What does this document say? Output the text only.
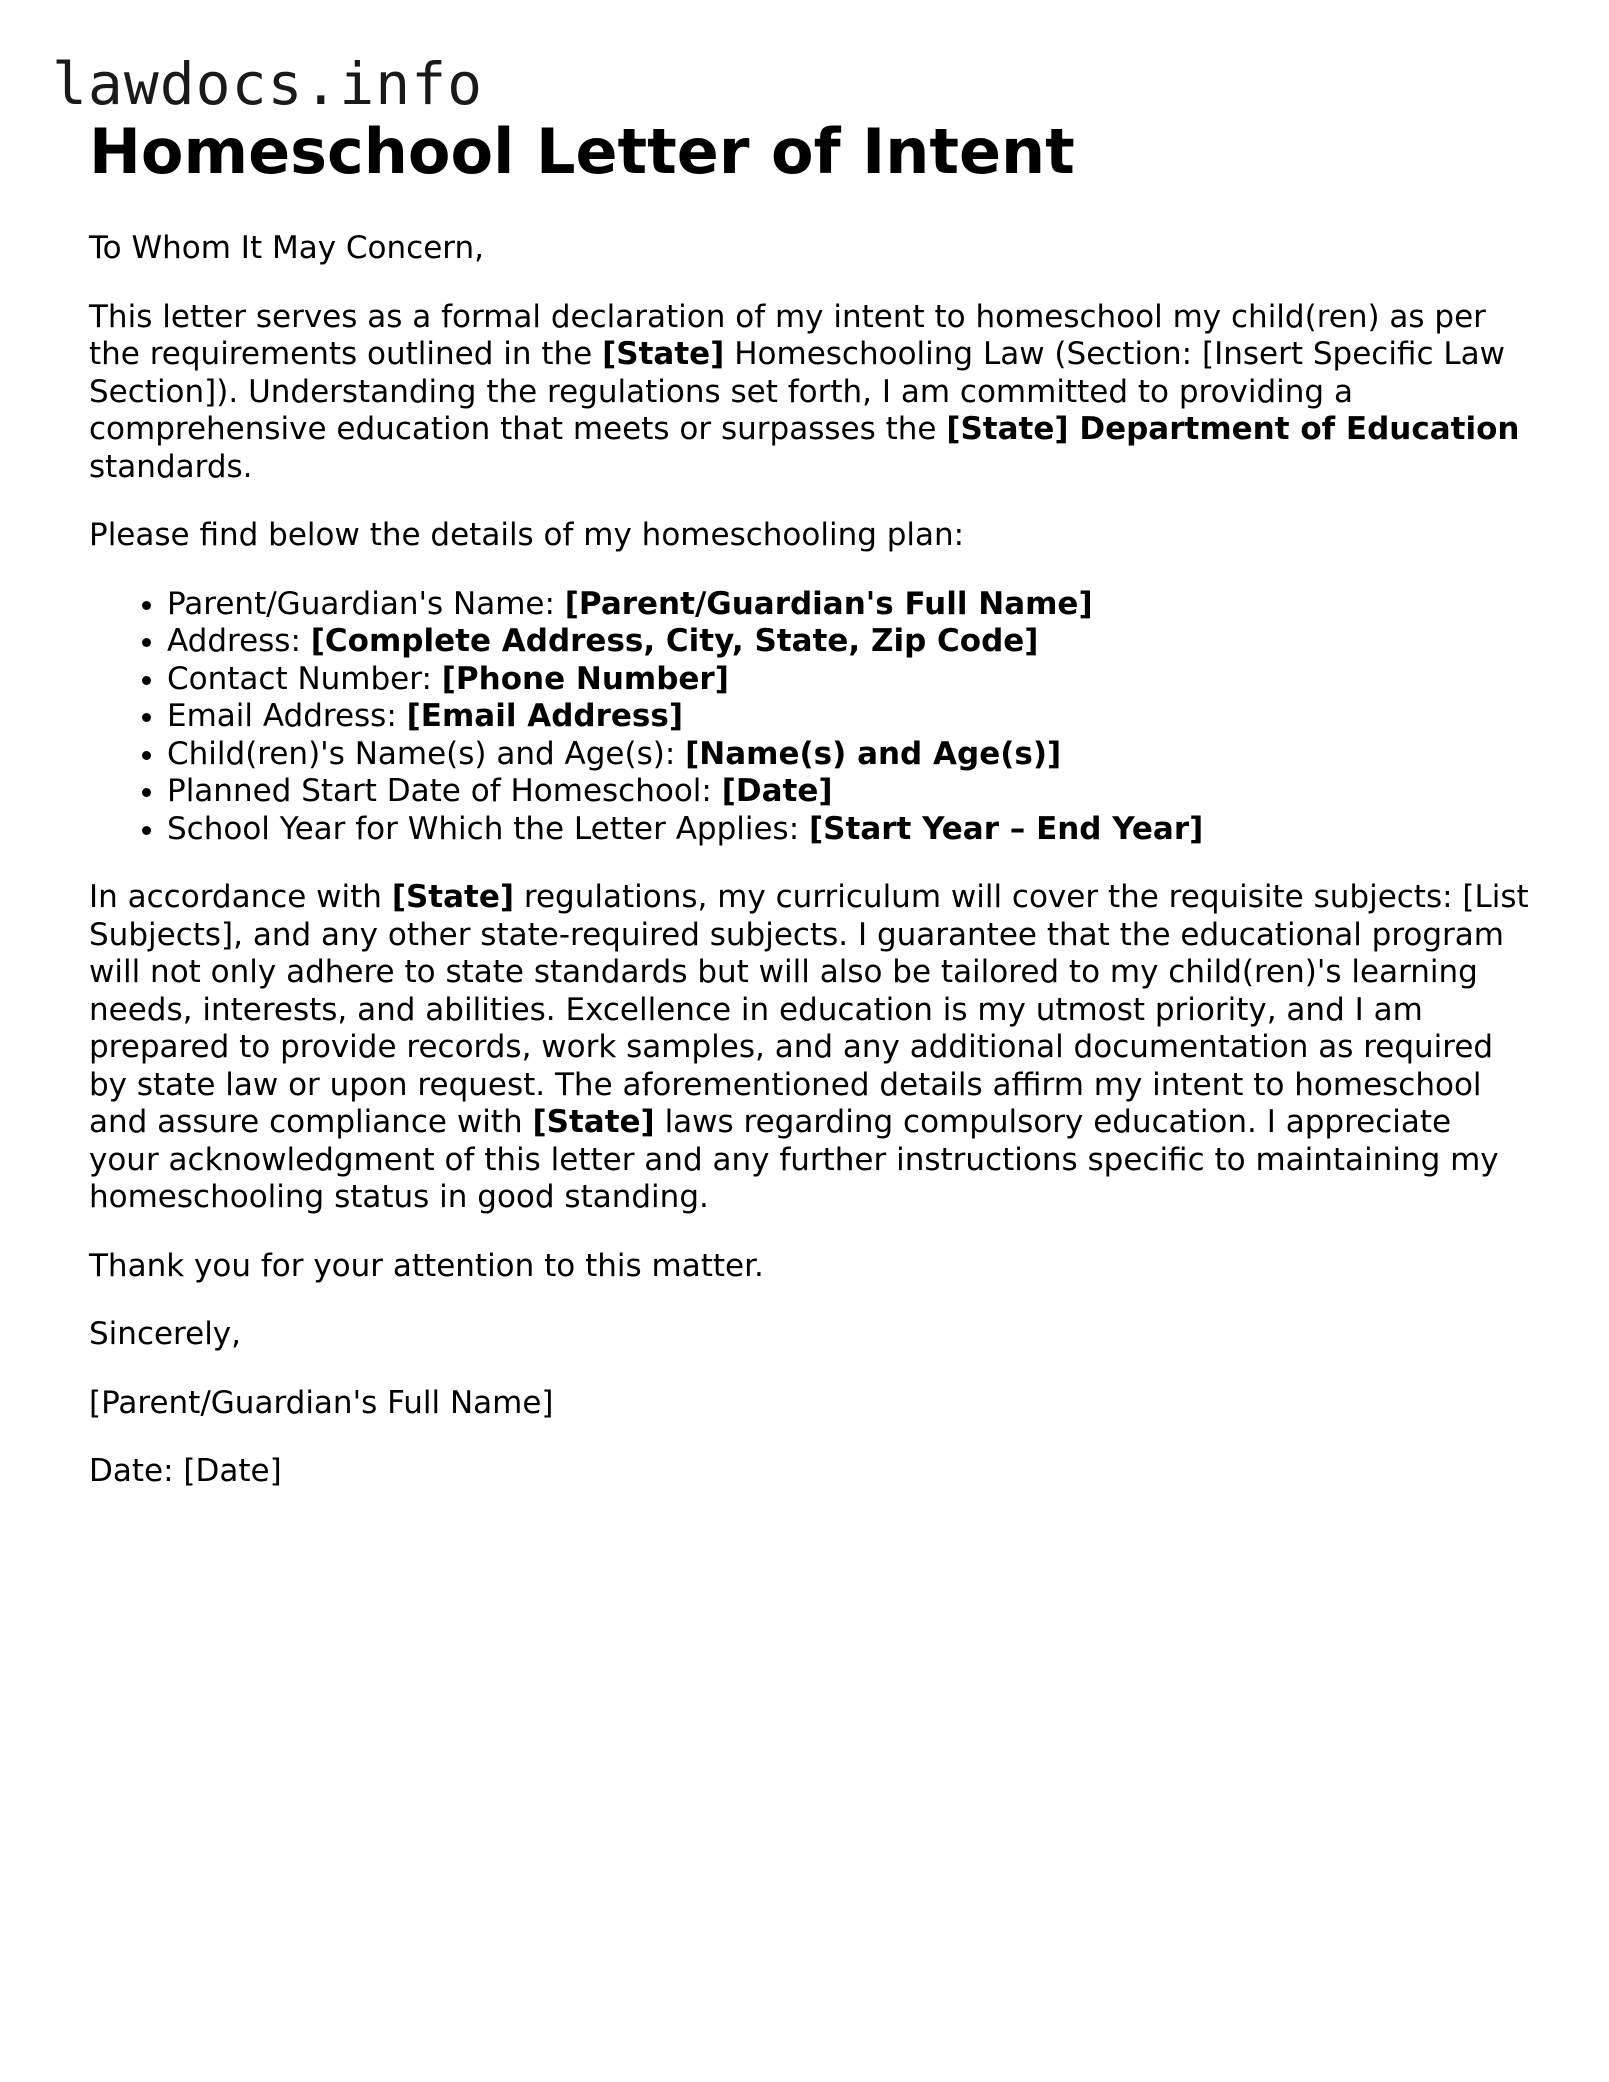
lawdocs.info
Homeschool Letter of Intent

To Whom It May Concern,

This letter serves as a formal declaration of my intent to homeschool my child(ren) as per the requirements outlined in the [State] Homeschooling Law (Section: [Insert Specific Law Section]). Understanding the regulations set forth, I am committed to providing a comprehensive education that meets or surpasses the [State] Department of Education standards.

Please find below the details of my homeschooling plan:

• Parent/Guardian's Name: [Parent/Guardian's Full Name]
• Address: [Complete Address, City, State, Zip Code]
• Contact Number: [Phone Number]
• Email Address: [Email Address]
• Child(ren)'s Name(s) and Age(s): [Name(s) and Age(s)]
• Planned Start Date of Homeschool: [Date]
• School Year for Which the Letter Applies: [Start Year – End Year]

In accordance with [State] regulations, my curriculum will cover the requisite subjects: [List Subjects], and any other state-required subjects. I guarantee that the educational program will not only adhere to state standards but will also be tailored to my child(ren)'s learning needs, interests, and abilities. Excellence in education is my utmost priority, and I am prepared to provide records, work samples, and any additional documentation as required by state law or upon request. The aforementioned details affirm my intent to homeschool and assure compliance with [State] laws regarding compulsory education. I appreciate your acknowledgment of this letter and any further instructions specific to maintaining my homeschooling status in good standing.

Thank you for your attention to this matter.

Sincerely,

[Parent/Guardian's Full Name]

Date: [Date]
